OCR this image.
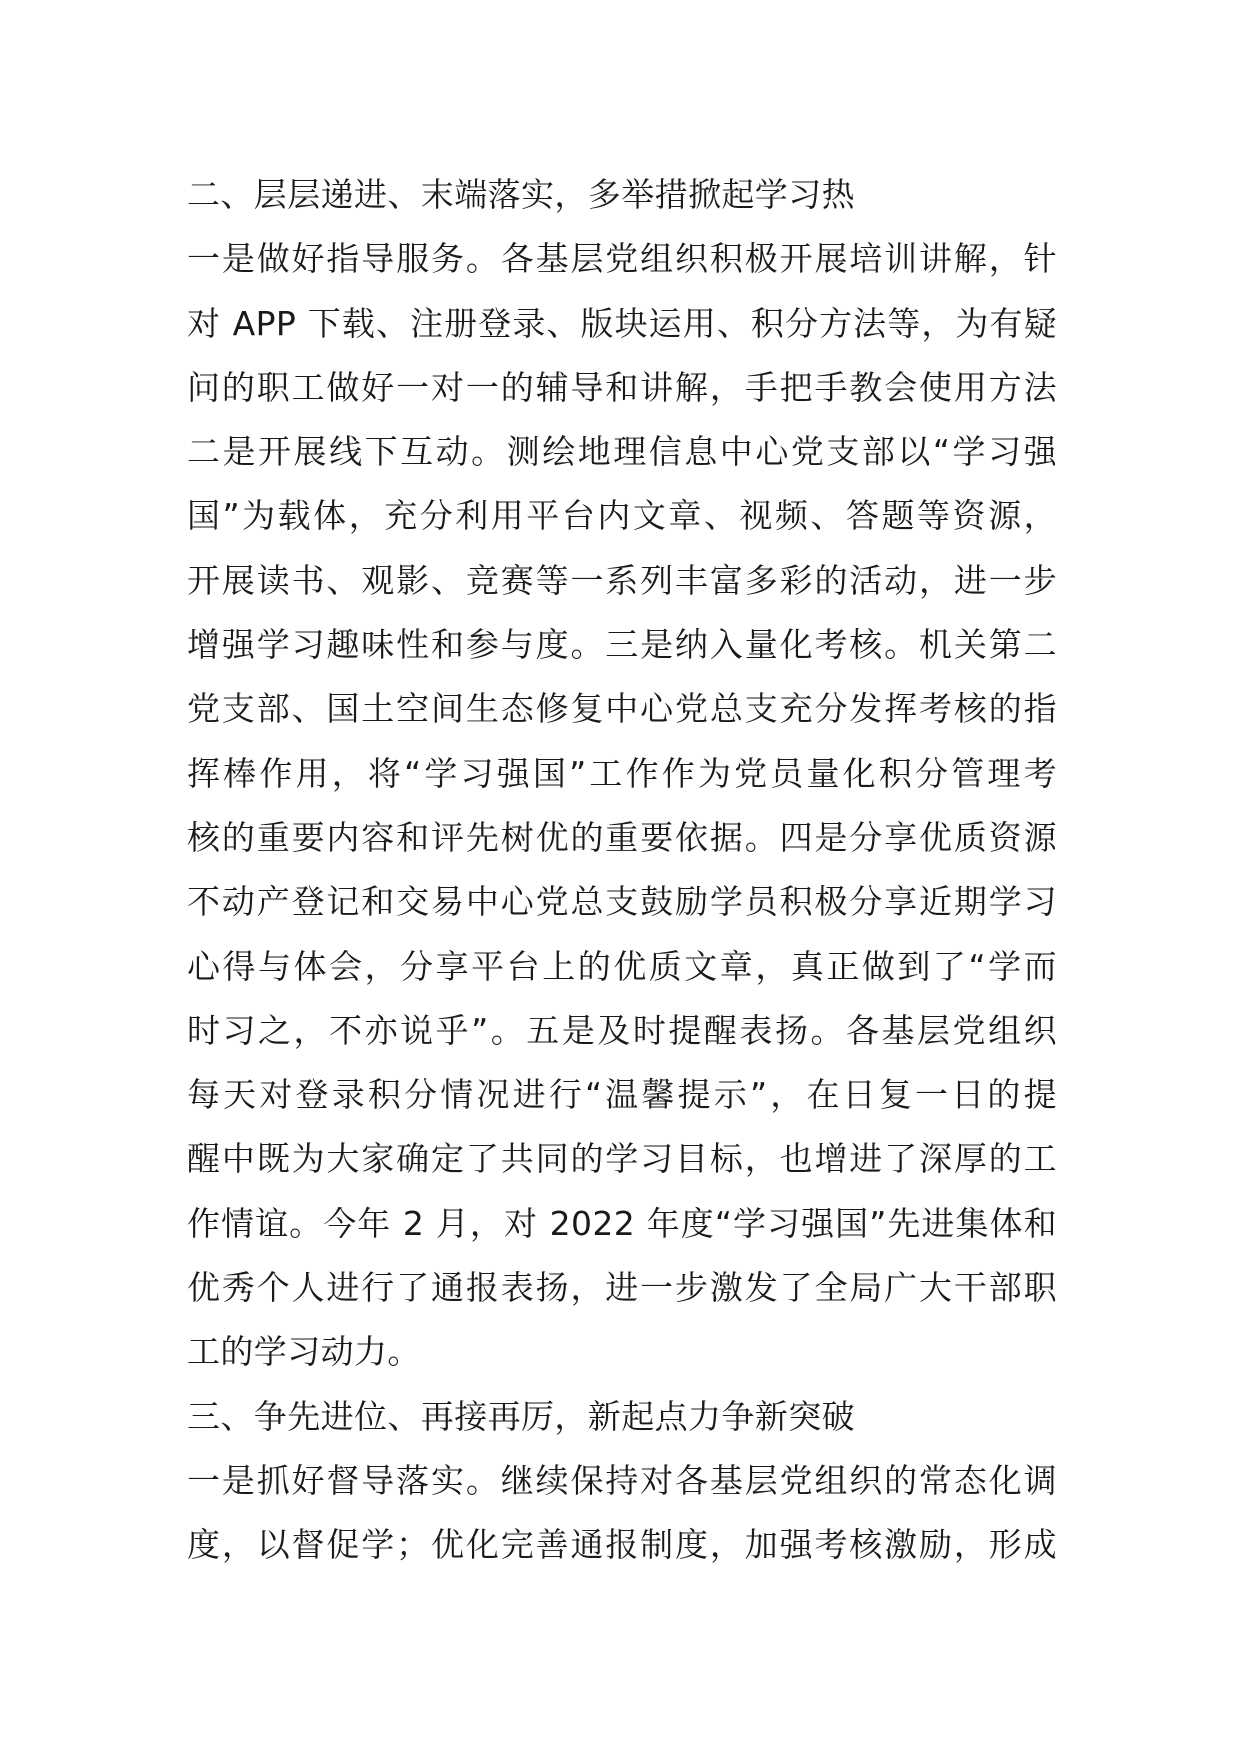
二、层层递进、末端落实，多举措掀起学习热
一是做好指导服务。各基层党组织积极开展培训讲解，针
对 APP 下载、注册登录、版块运用、积分方法等，为有疑
问的职工做好一对一的辅导和讲解，手把手教会使用方法
二是开展线下互动。测绘地理信息中心党支部以“学习强
国”为载体，充分利用平台内文章、视频、答题等资源，
开展读书、观影、竞赛等一系列丰富多彩的活动，进一步
增强学习趣味性和参与度。三是纳入量化考核。机关第二
党支部、国土空间生态修复中心党总支充分发挥考核的指
挥棒作用，将“学习强国”工作作为党员量化积分管理考
核的重要内容和评先树优的重要依据。四是分享优质资源
不动产登记和交易中心党总支鼓励学员积极分享近期学习
心得与体会，分享平台上的优质文章，真正做到了“学而
时习之，不亦说乎”。五是及时提醒表扬。各基层党组织
每天对登录积分情况进行“温馨提示”，在日复一日的提
醒中既为大家确定了共同的学习目标，也增进了深厚的工
作情谊。今年 2 月，对 2022 年度“学习强国”先进集体和
优秀个人进行了通报表扬，进一步激发了全局广大干部职
工的学习动力。
三、争先进位、再接再厉，新起点力争新突破
一是抓好督导落实。继续保持对各基层党组织的常态化调
度，以督促学；优化完善通报制度，加强考核激励，形成
